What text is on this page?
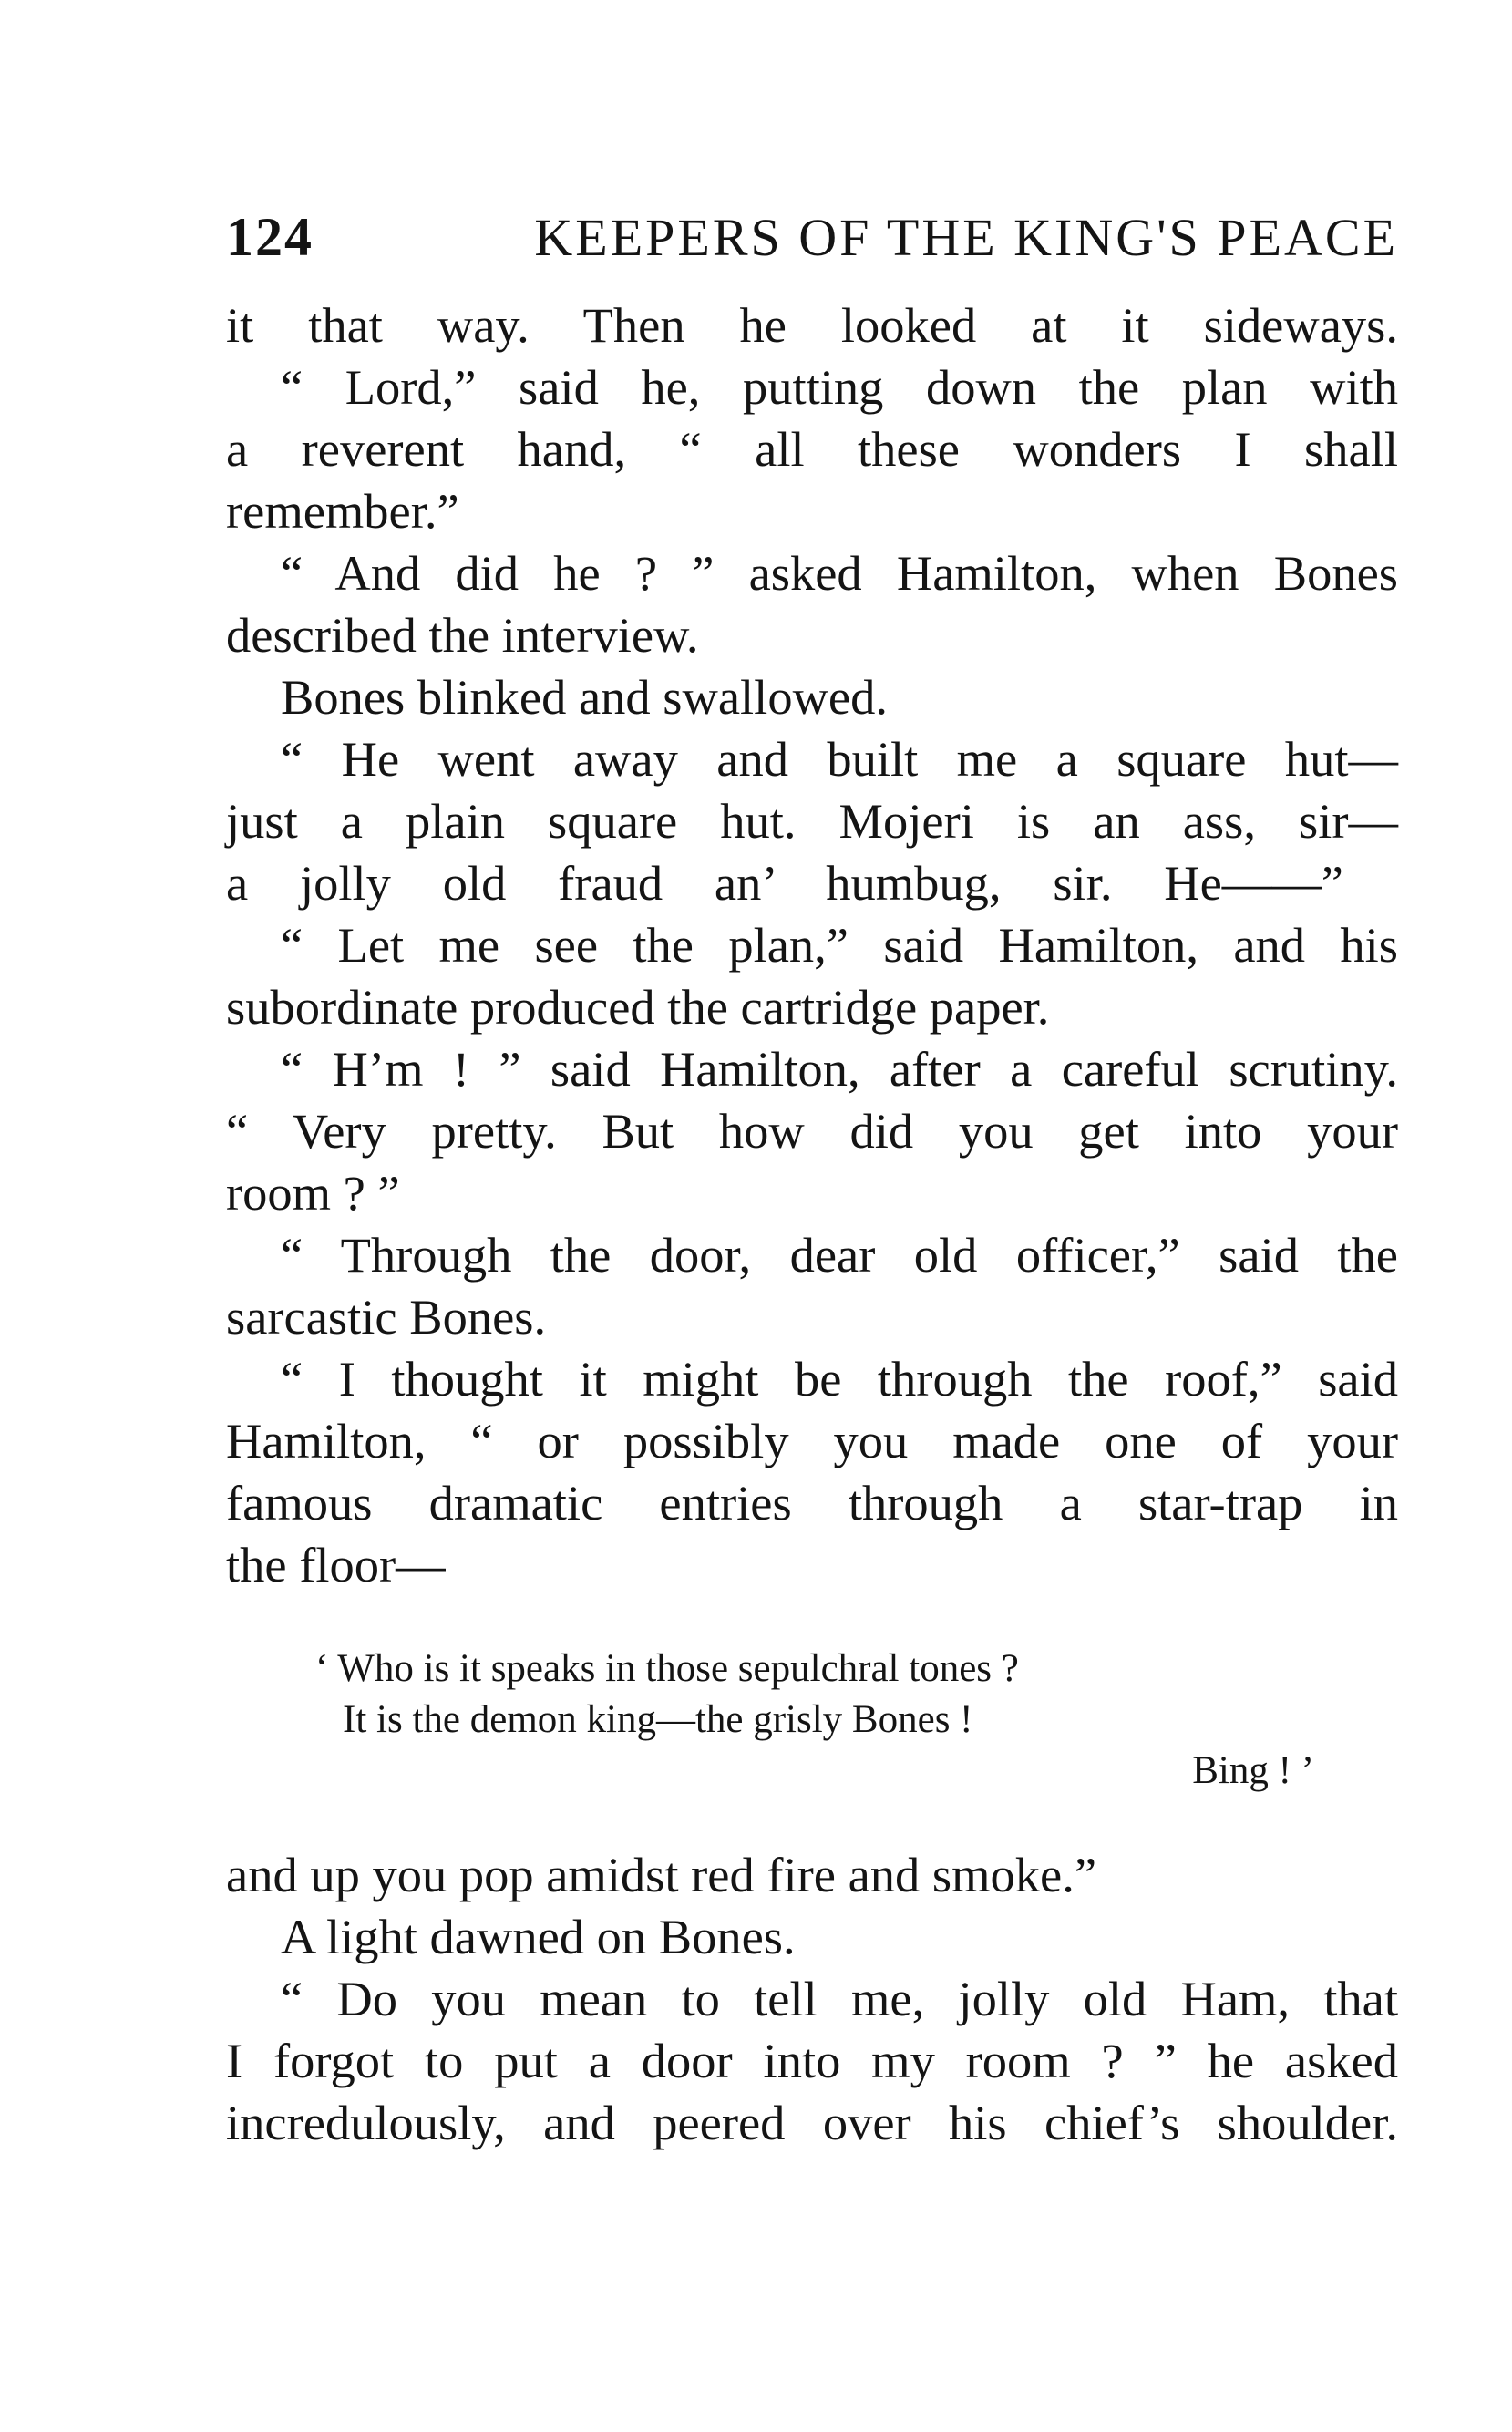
124	KEEPERS OF THE KING'S PEACE
it that way. Then he looked at it sideways.
“ Lord,” said he, putting down the plan with
a reverent hand, “ all these wonders I shall
remember.”
“ And did he ? ” asked Hamilton, when Bones
described the interview.
Bones blinked and swallowed.
“ He went away and built me a square hut—
just a plain square hut. Mojeri is an ass, sir—
a jolly old fraud an’ humbug, sir. He——”
“ Let me see the plan,” said Hamilton, and his
subordinate produced the cartridge paper.
“ H’m ! ” said Hamilton, after a careful scrutiny.
“ Very pretty. But how did you get into your
room ? ”
“ Through the door, dear old officer,” said the
sarcastic Bones.
“ I thought it might be through the roof,” said
Hamilton, “ or possibly you made one of your
famous dramatic entries through a star-trap in
the floor—
‘ Who is it speaks in those sepulchral tones ?
It is the demon king—the grisly Bones !
Bing ! ’
and up you pop amidst red fire and smoke.”
A light dawned on Bones.
“ Do you mean to tell me, jolly old Ham, that
I forgot to put a door into my room ? ” he asked
incredulously, and peered over his chief’s shoulder.
